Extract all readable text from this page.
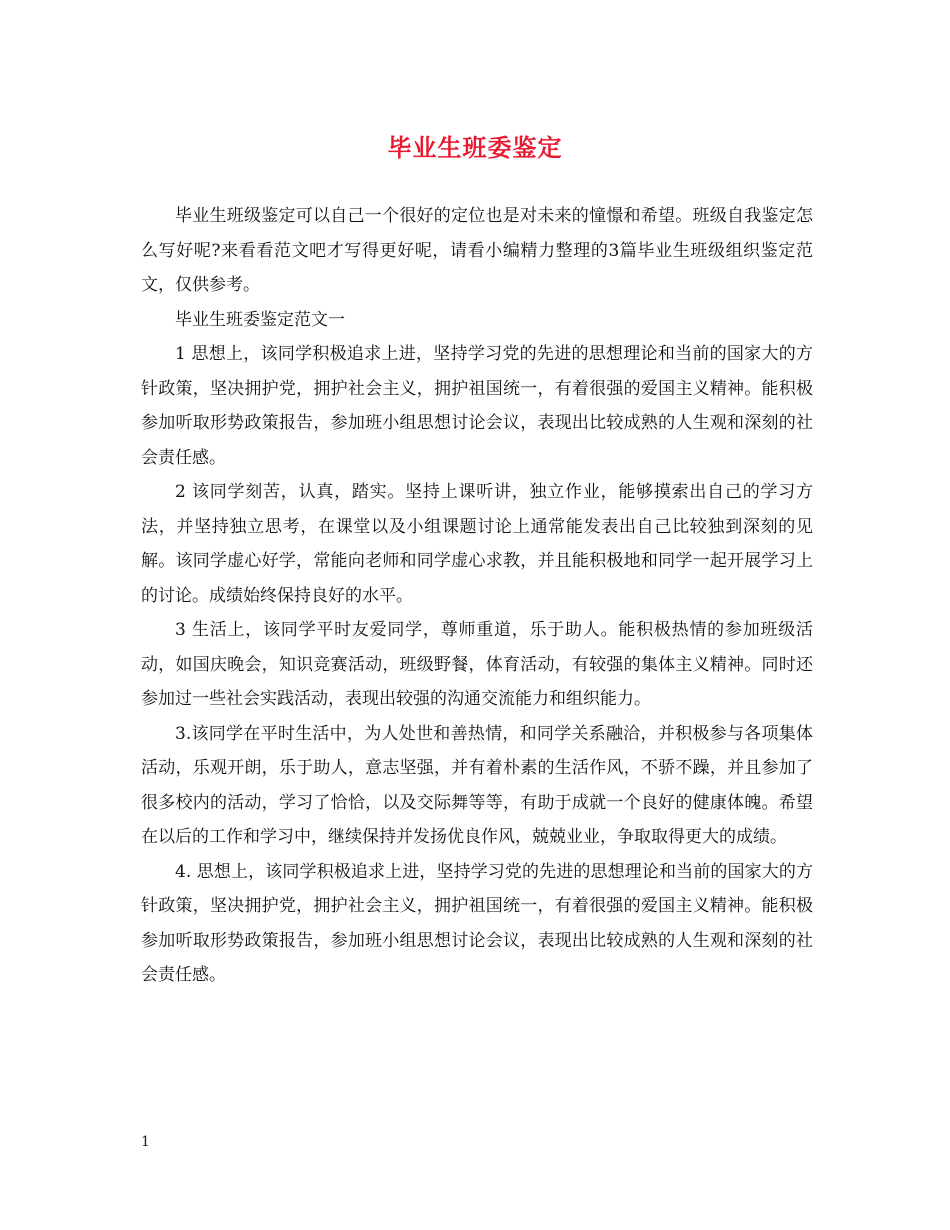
毕业生班委鉴定

毕业生班级鉴定可以自己一个很好的定位也是对未来的憧憬和希望。班级自我鉴定怎么写好呢?来看看范文吧才写得更好呢，请看小编精力整理的3篇毕业生班级组织鉴定范文，仅供参考。

毕业生班委鉴定范文一

1 思想上，该同学积极追求上进，坚持学习党的先进的思想理论和当前的国家大的方针政策，坚决拥护党，拥护社会主义，拥护祖国统一，有着很强的爱国主义精神。能积极参加听取形势政策报告，参加班小组思想讨论会议，表现出比较成熟的人生观和深刻的社会责任感。

2 该同学刻苦，认真，踏实。坚持上课听讲，独立作业，能够摸索出自己的学习方法，并坚持独立思考，在课堂以及小组课题讨论上通常能发表出自己比较独到深刻的见解。该同学虚心好学，常能向老师和同学虚心求教，并且能积极地和同学一起开展学习上的讨论。成绩始终保持良好的水平。

3 生活上，该同学平时友爱同学，尊师重道，乐于助人。能积极热情的参加班级活动，如国庆晚会，知识竞赛活动，班级野餐，体育活动，有较强的集体主义精神。同时还参加过一些社会实践活动，表现出较强的沟通交流能力和组织能力。

3.该同学在平时生活中，为人处世和善热情，和同学关系融洽，并积极参与各项集体活动，乐观开朗，乐于助人，意志坚强，并有着朴素的生活作风，不骄不躁，并且参加了很多校内的活动，学习了恰恰，以及交际舞等等，有助于成就一个良好的健康体魄。希望在以后的工作和学习中，继续保持并发扬优良作风，兢兢业业，争取取得更大的成绩。

4. 思想上，该同学积极追求上进，坚持学习党的先进的思想理论和当前的国家大的方针政策，坚决拥护党，拥护社会主义，拥护祖国统一，有着很强的爱国主义精神。能积极参加听取形势政策报告，参加班小组思想讨论会议，表现出比较成熟的人生观和深刻的社会责任感。

1
